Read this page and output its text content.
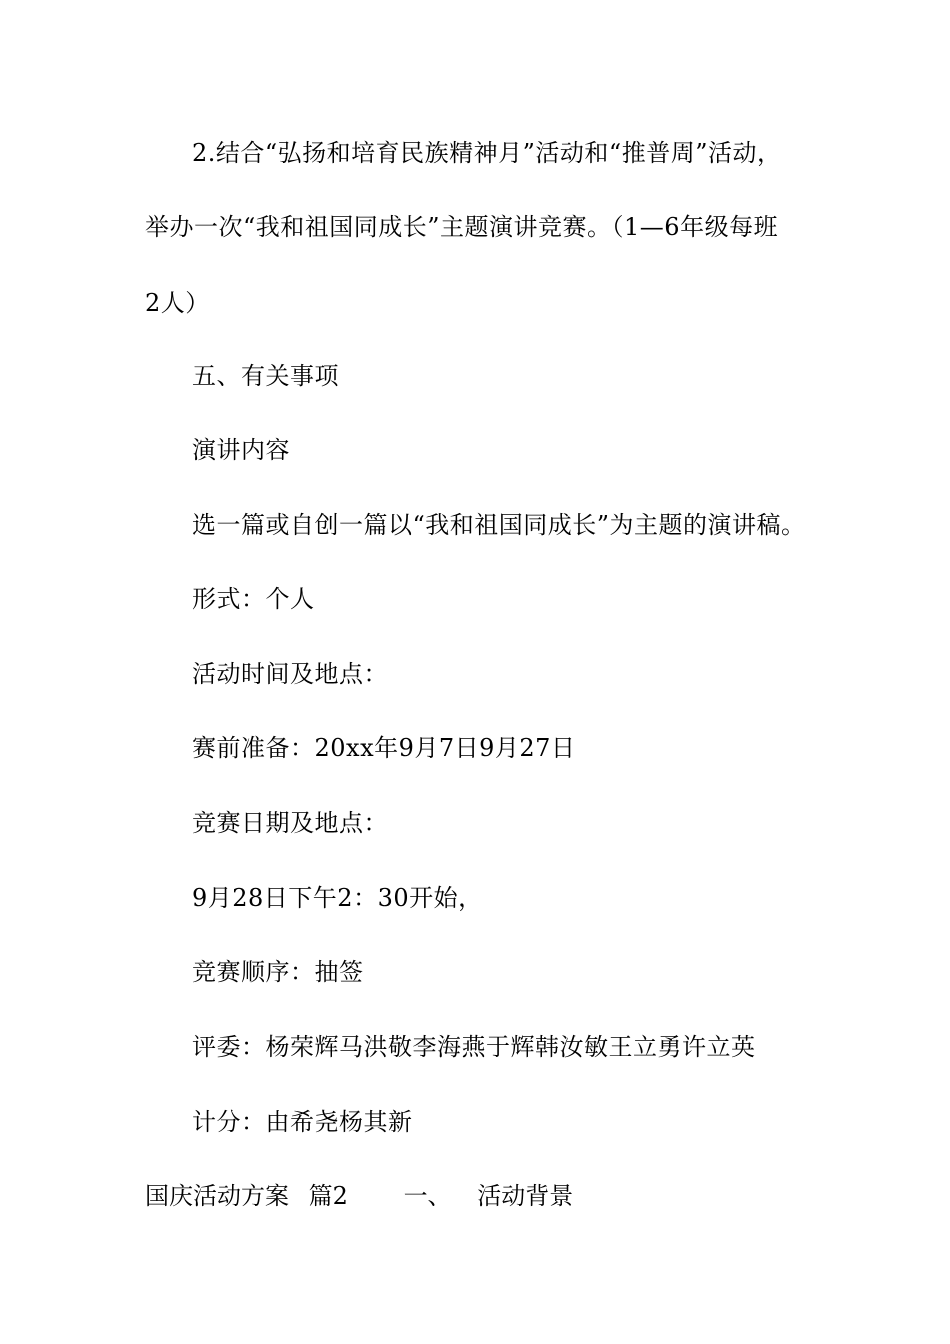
2.结合“弘扬和培育民族精神月”活动和“推普周”活动，
举办一次“我和祖国同成长”主题演讲竞赛。（1—6年级每班
2人）
五、有关事项
演讲内容
选一篇或自创一篇以“我和祖国同成长”为主题的演讲稿。
形式：个人
活动时间及地点：
赛前准备：20xx年9月7日9月27日
竞赛日期及地点：
9月28日下午2：30开始，
竞赛顺序：抽签
评委：杨荣辉马洪敬李海燕于辉韩汝敏王立勇许立英
计分：由希尧杨其新
国庆活动方案 篇2 一、 活动背景
